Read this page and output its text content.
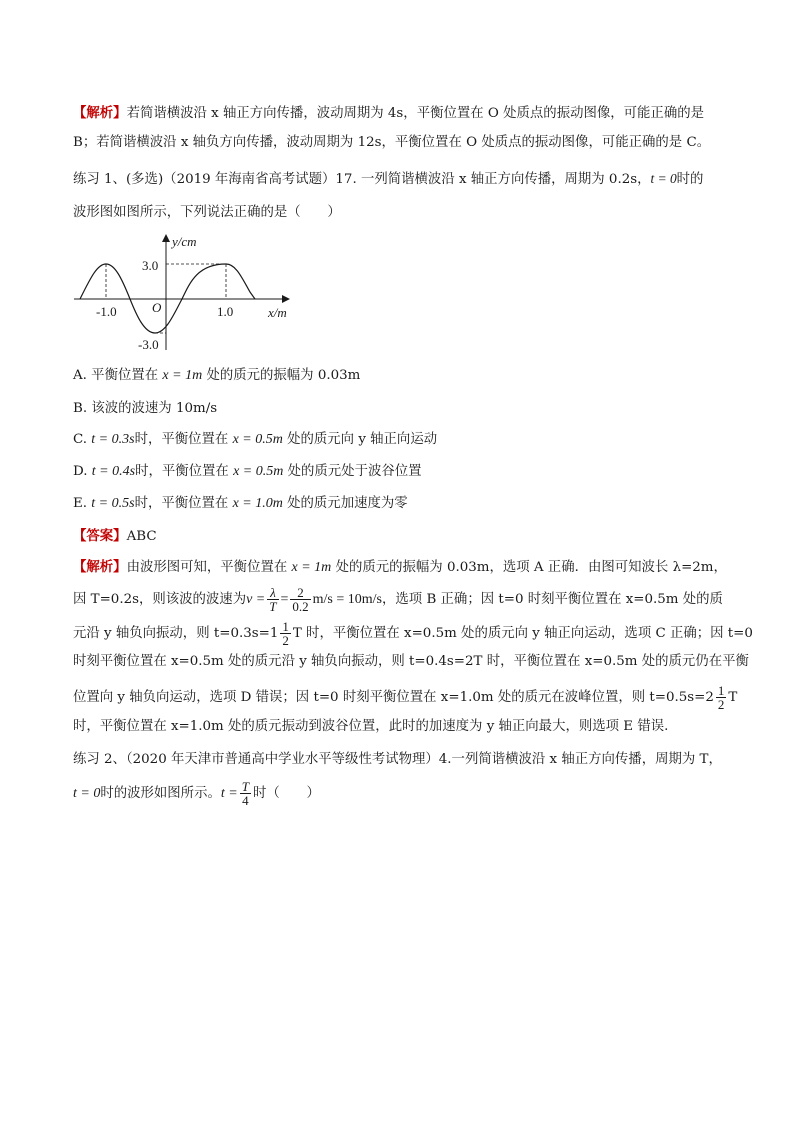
【解析】若简谐横波沿 x 轴正方向传播，波动周期为 4s，平衡位置在 O 处质点的振动图像，可能正确的是
B；若简谐横波沿 x 轴负方向传播，波动周期为 12s，平衡位置在 O 处质点的振动图像，可能正确的是 C。
练习 1、(多选)（2019 年海南省高考试题）17. 一列简谐横波沿 x 轴正方向传播，周期为 0.2s，t = 0时的
波形图如图所示，下列说法正确的是（　　）
y/cm
3.0
-3.0
O
-1.0	1.0	x/m
A. 平衡位置在 x = 1m 处的质元的振幅为 0.03m
B. 该波的波速为 10m/s
C. t = 0.3s时，平衡位置在 x = 0.5m 处的质元向 y 轴正向运动
D. t = 0.4s时，平衡位置在 x = 0.5m 处的质元处于波谷位置
E. t = 0.5s时，平衡位置在 x = 1.0m 处的质元加速度为零
【答案】ABC
【解析】由波形图可知，平衡位置在 x = 1m 处的质元的振幅为 0.03m，选项 A 正确．由图可知波长 λ=2m，
因 T=0.2s，则该波的波速为$v = \frac{\lambda}{T} = \frac{2}{0.2} m/s = 10m/s$，选项 B 正确；因 t=0 时刻平衡位置在 x=0.5m 处的质
元沿 y 轴负向振动，则 $t=0.3s=1 \frac{1}{2}$ T 时，平衡位置在 x=0.5m 处的质元向 y 轴正向运动，选项 C 正确；因 t=0
时刻平衡位置在 x=0.5m 处的质元沿 y 轴负向振动，则 t=0.4s=2T 时，平衡位置在 x=0.5m 处的质元仍在平衡
位置向 y 轴负向运动，选项 D 错误；因 t=0 时刻平衡位置在 x=1.0m 处的质元在波峰位置，则 $t=0.5s=2 \frac{1}{2}$ T
时，平衡位置在 x=1.0m 处的质元振动到波谷位置，此时的加速度为 y 轴正向最大，则选项 E 错误.
练习 2、（2020 年天津市普通高中学业水平等级性考试物理）4.一列简谐横波沿 x 轴正方向传播，周期为 T，
t = 0时的波形如图所示。$t = \frac{T}{4}$ 时（　　）
